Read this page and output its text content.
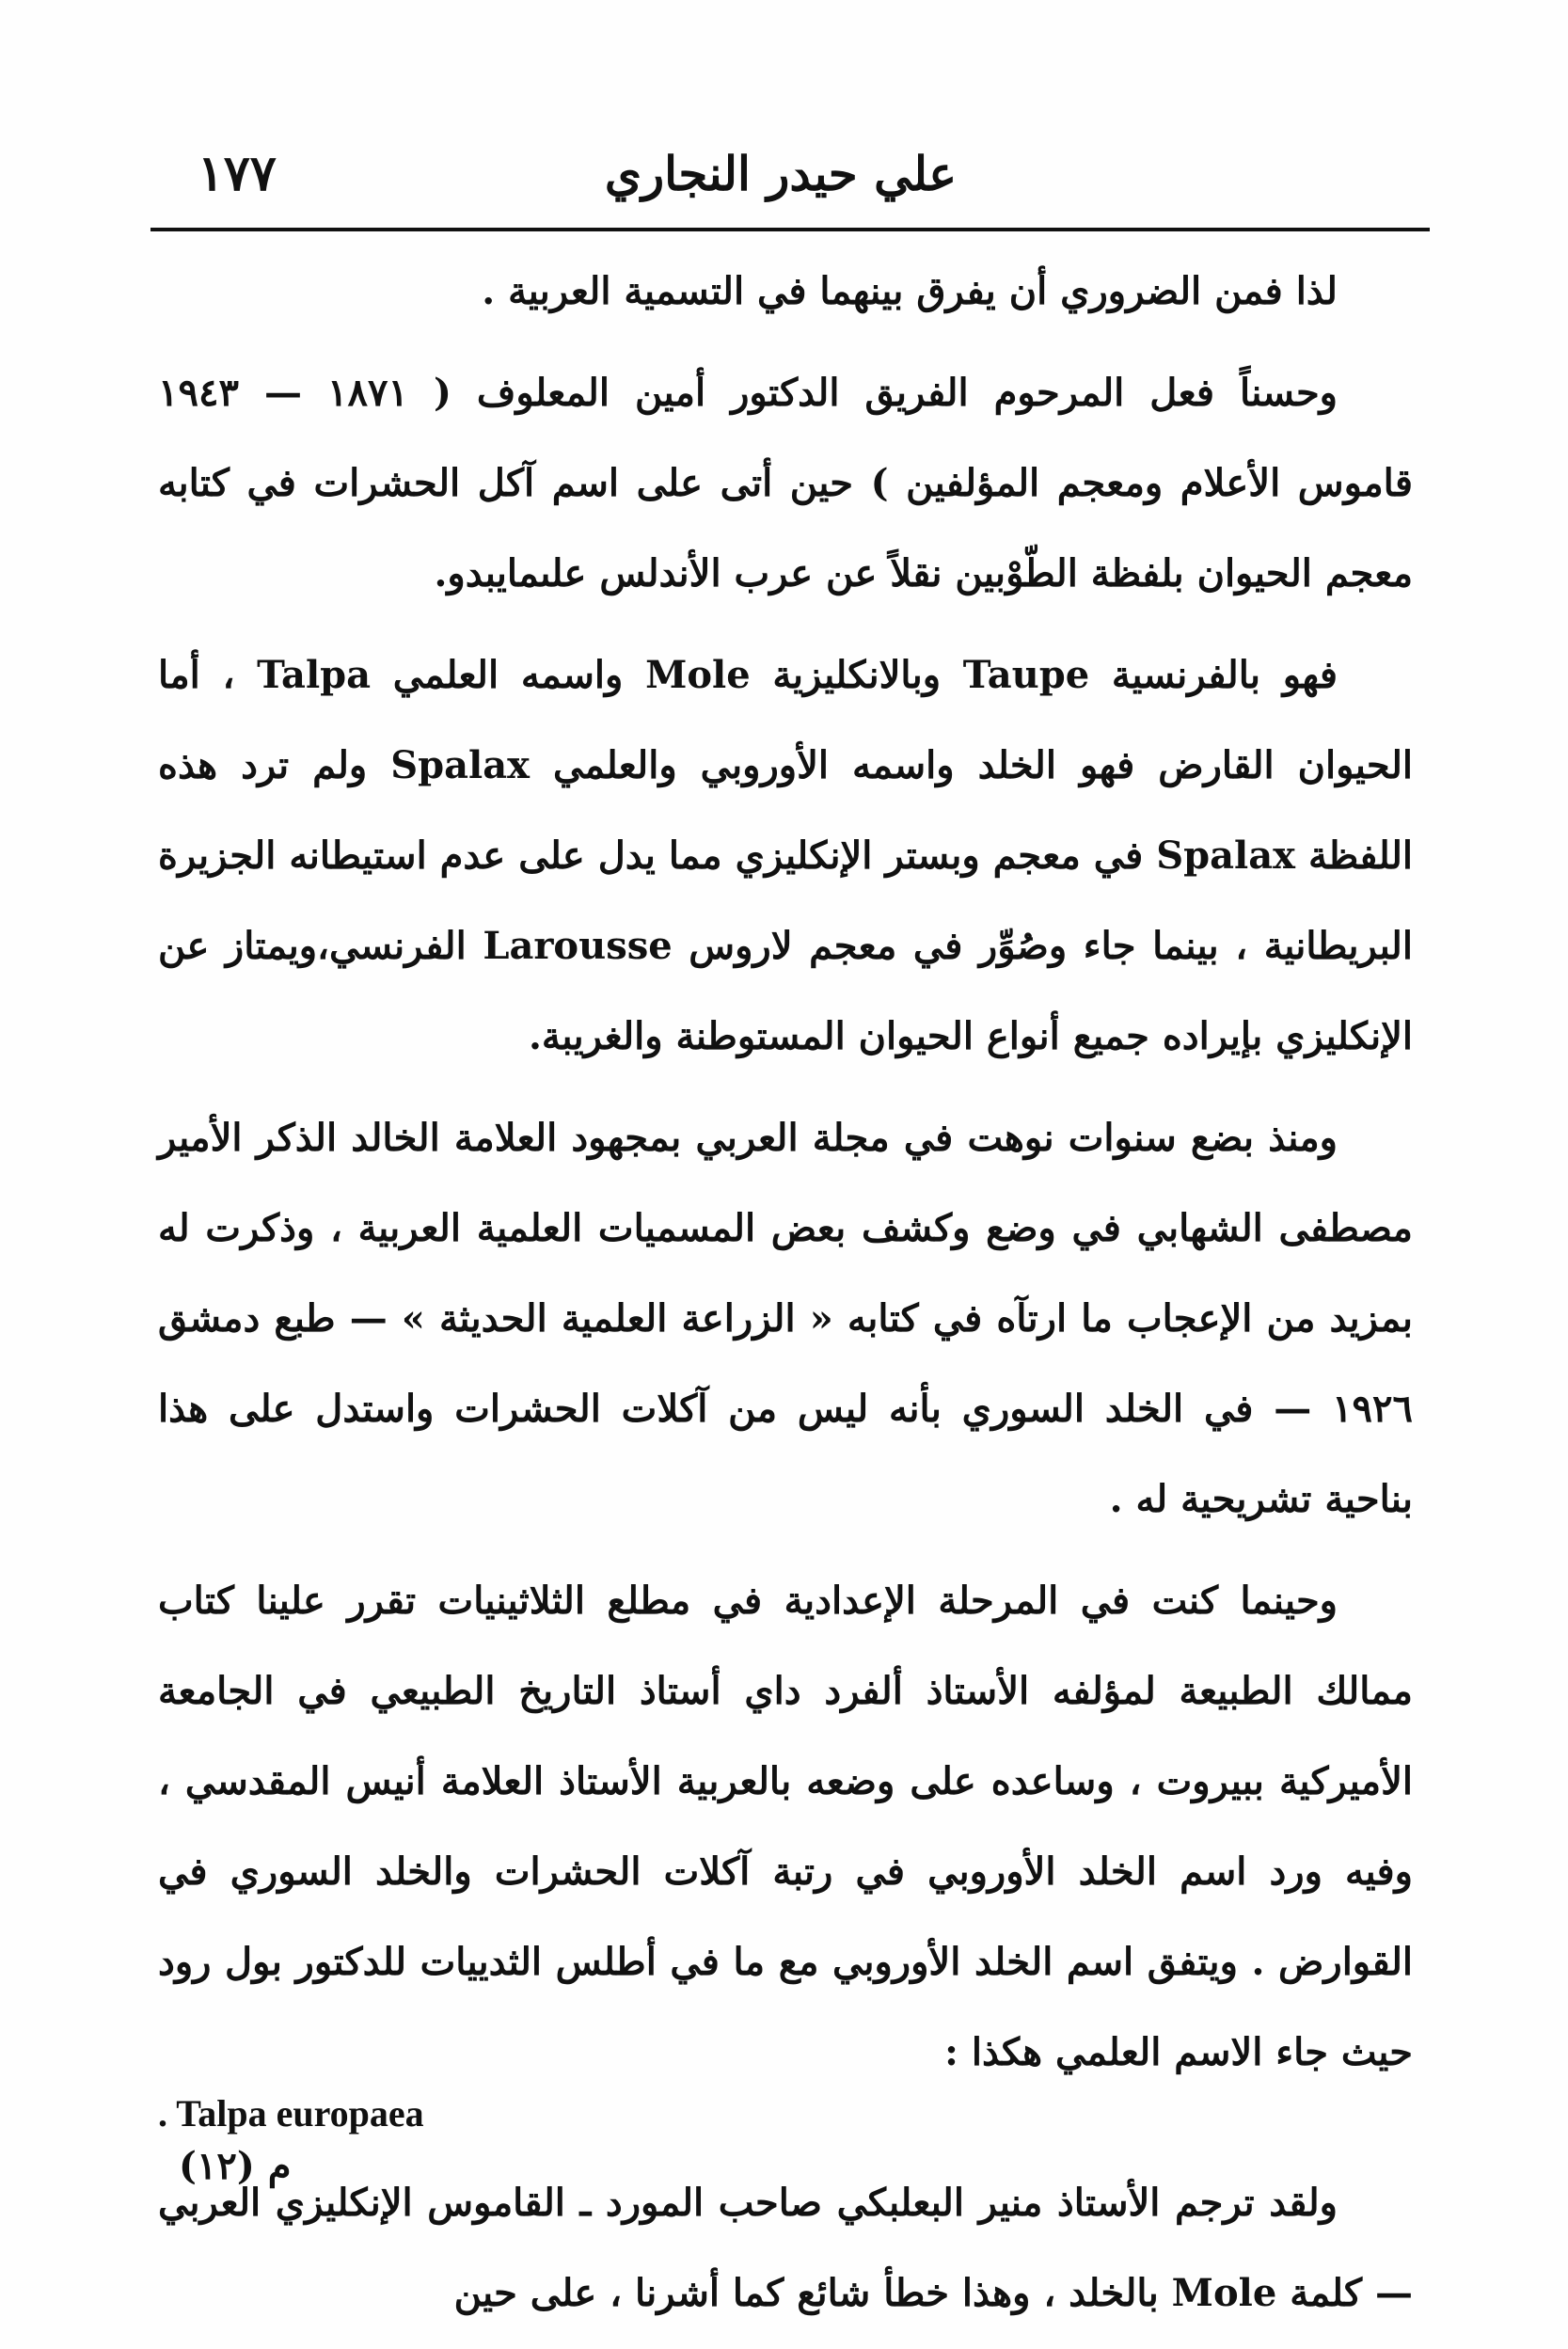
١٧٧	علي حيدر النجاري

لذا فمن الضروري أن يفرق بينهما في التسمية العربية .

وحسناً فعل المرحوم الفريق الدكتور أمين المعلوف ( ١٨٧١ — ١٩٤٣ قاموس الأعلام ومعجم المؤلفين ) حين أتى على اسم آكل الحشرات في كتابه معجم الحيوان بلفظة الطّوْبين نقلاً عن عرب الأندلس علىمايبدو.

فهو بالفرنسية Taupe وبالانكليزية Mole واسمه العلمي Talpa ، أما الحيوان القارض فهو الخلد واسمه الأوروبي والعلمي Spalax ولم ترد هذه اللفظة Spalax في معجم وبستر الإنكليزي مما يدل على عدم استيطانه الجزيرة البريطانية ، بينما جاء وصُوِّر في معجم لاروس Larousse الفرنسي،ويمتاز عن الإنكليزي بإيراده جميع أنواع الحيوان المستوطنة والغريبة.

ومنذ بضع سنوات نوهت في مجلة العربي بمجهود العلامة الخالد الذكر الأمير مصطفى الشهابي في وضع وكشف بعض المسميات العلمية العربية ، وذكرت له بمزيد من الإعجاب ما ارتآه في كتابه « الزراعة العلمية الحديثة » — طبع دمشق ١٩٢٦ — في الخلد السوري بأنه ليس من آكلات الحشرات واستدل على هذا بناحية تشريحية له .

وحينما كنت في المرحلة الإعدادية في مطلع الثلاثينيات تقرر علينا كتاب ممالك الطبيعة لمؤلفه الأستاذ ألفرد داي أستاذ التاريخ الطبيعي في الجامعة الأميركية ببيروت ، وساعده على وضعه بالعربية الأستاذ العلامة أنيس المقدسي ، وفيه ورد اسم الخلد الأوروبي في رتبة آكلات الحشرات والخلد السوري في القوارض . ويتفق اسم الخلد الأوروبي مع ما في أطلس الثدييات للدكتور بول رود حيث جاء الاسم العلمي هكذا :

. Talpa europaea

ولقد ترجم الأستاذ منير البعلبكي صاحب المورد ـ القاموس الإنكليزي العربي — كلمة Mole بالخلد ، وهذا خطأ شائع كما أشرنا ، على حين

م (١٢)
